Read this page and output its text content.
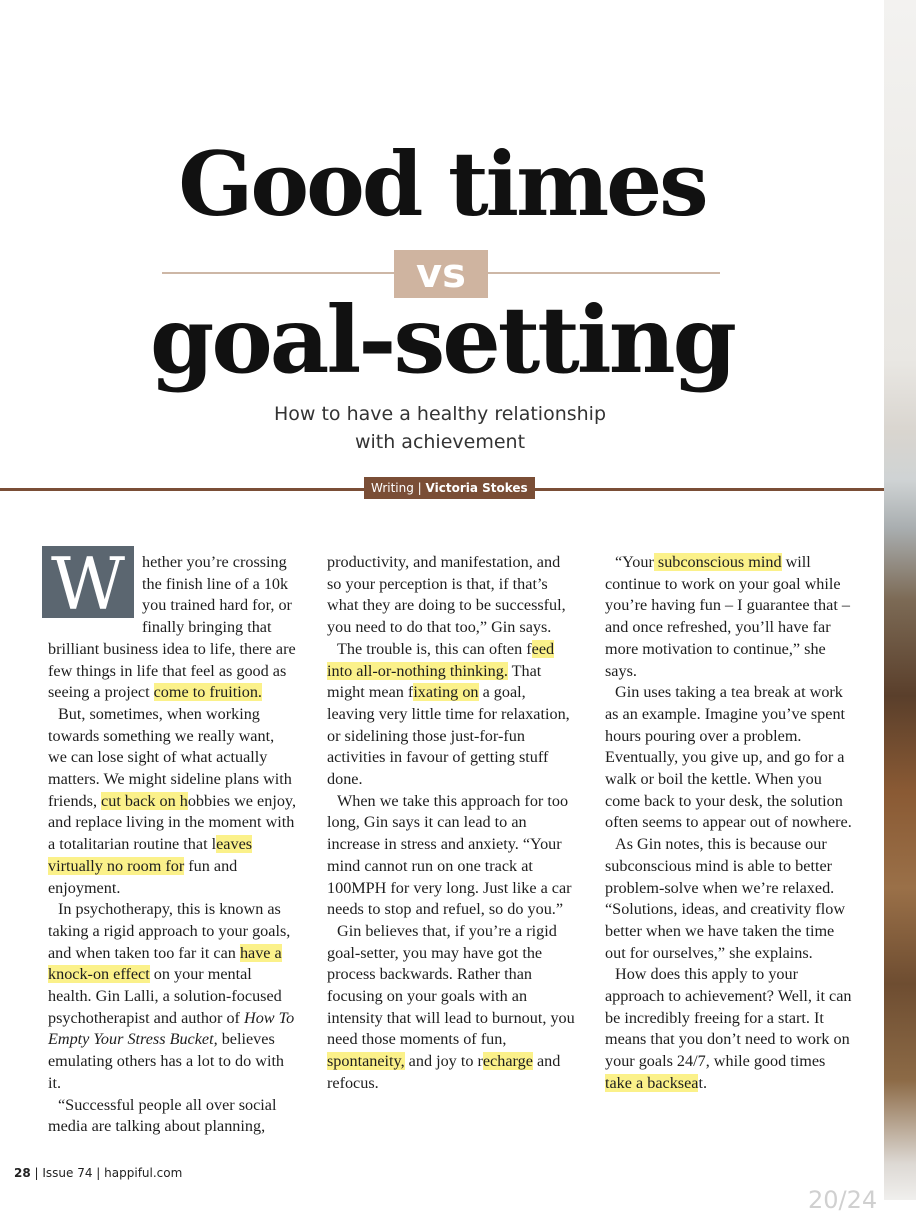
Good times
vs
goal-setting
How to have a healthy relationship
with achievement
Writing | Victoria Stokes

W	hether you’re crossing the finish line of a 10k you trained hard for, or finally bringing that brilliant business idea to life, there are few things in life that feel as good as seeing a project come to fruition.

But, sometimes, when working towards something we really want, we can lose sight of what actually matters. We might sideline plans with friends, cut back on hobbies we enjoy, and replace living in the moment with a totalitarian routine that leaves virtually no room for fun and enjoyment.

In psychotherapy, this is known as taking a rigid approach to your goals, and when taken too far it can have a knock-on effect on your mental health. Gin Lalli, a solution-focused psychotherapist and author of How To Empty Your Stress Bucket, believes emulating others has a lot to do with it.

“Successful people all over social media are talking about planning,

productivity, and manifestation, and so your perception is that, if that’s what they are doing to be successful, you need to do that too,” Gin says.

The trouble is, this can often feed into all-or-nothing thinking. That might mean fixating on a goal, leaving very little time for relaxation, or sidelining those just-for-fun activities in favour of getting stuff done.

When we take this approach for too long, Gin says it can lead to an increase in stress and anxiety. “Your mind cannot run on one track at 100MPH for very long. Just like a car needs to stop and refuel, so do you.”

Gin believes that, if you’re a rigid goal-setter, you may have got the process backwards. Rather than focusing on your goals with an intensity that will lead to burnout, you need those moments of fun, spontaneity, and joy to recharge and refocus.

“Your subconscious mind will continue to work on your goal while you’re having fun – I guarantee that – and once refreshed, you’ll have far more motivation to continue,” she says.

Gin uses taking a tea break at work as an example. Imagine you’ve spent hours pouring over a problem. Eventually, you give up, and go for a walk or boil the kettle. When you come back to your desk, the solution often seems to appear out of nowhere.

As Gin notes, this is because our subconscious mind is able to better problem-solve when we’re relaxed. “Solutions, ideas, and creativity flow better when we have taken the time out for ourselves,” she explains.

How does this apply to your approach to achievement? Well, it can be incredibly freeing for a start. It means that you don’t need to work on your goals 24/7, while good times take a backseat.

28 | Issue 74 | happiful.com
20/24
